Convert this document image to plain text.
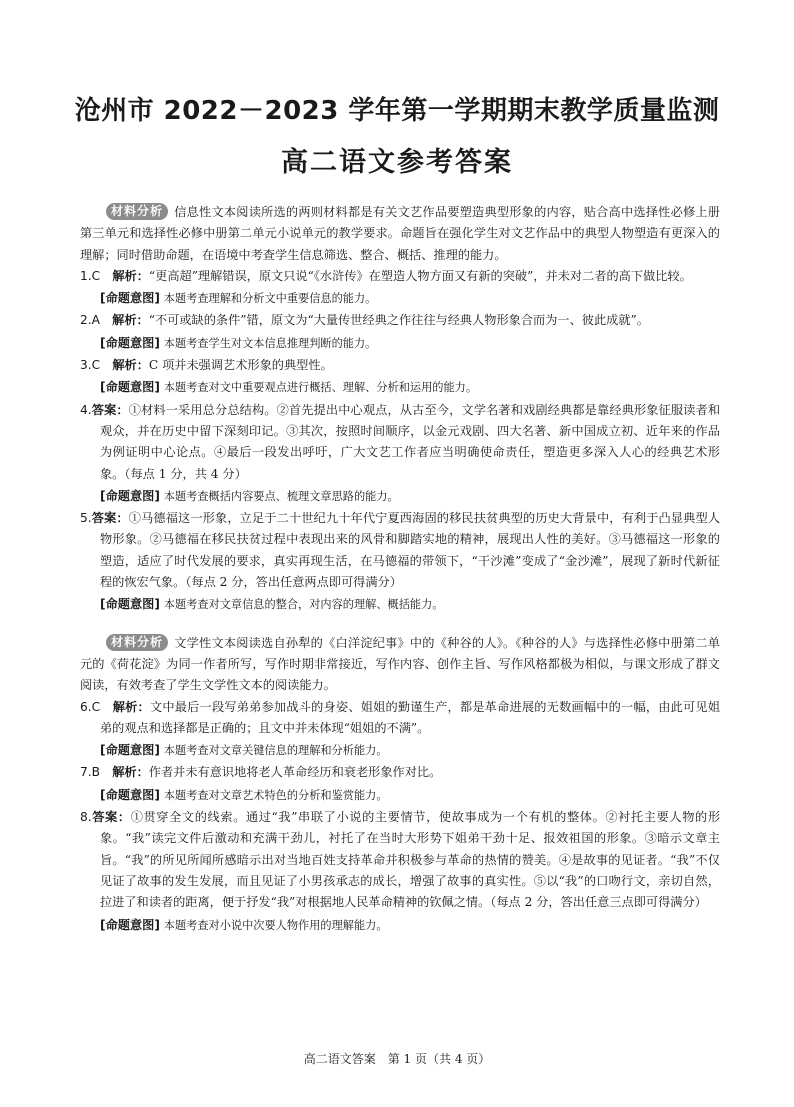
沧州市 2022－2023 学年第一学期期末教学质量监测
高二语文参考答案

材料分析 信息性文本阅读所选的两则材料都是有关文艺作品要塑造典型形象的内容，贴合高中选择性必修上册第三单元和选择性必修中册第二单元小说单元的教学要求。命题旨在强化学生对文艺作品中的典型人物塑造有更深入的理解；同时借助命题，在语境中考查学生信息筛选、整合、概括、推理的能力。

1.C　 解析：“更高超”理解错误，原文只说“《水浒传》在塑造人物方面又有新的突破”，并未对二者的高下做比较。

[命题意图] 本题考查理解和分析文中重要信息的能力。

2.A　 解析：“不可或缺的条件”错，原文为“大量传世经典之作往往与经典人物形象合而为一、彼此成就”。

[命题意图] 本题考查学生对文本信息推理判断的能力。

3.C　 解析：C 项并未强调艺术形象的典型性。

[命题意图] 本题考查对文中重要观点进行概括、理解、分析和运用的能力。

4.答案：①材料一采用总分总结构。②首先提出中心观点，从古至今，文学名著和戏剧经典都是靠经典形象征服读者和观众，并在历史中留下深刻印记。③其次，按照时间顺序，以金元戏剧、四大名著、新中国成立初、近年来的作品为例证明中心论点。④最后一段发出呼吁，广大文艺工作者应当明确使命责任，塑造更多深入人心的经典艺术形象。（每点 1 分，共 4 分）

[命题意图] 本题考查概括内容要点、梳理文章思路的能力。

5.答案：①马德福这一形象，立足于二十世纪九十年代宁夏西海固的移民扶贫典型的历史大背景中，有利于凸显典型人物形象。②马德福在移民扶贫过程中表现出来的风骨和脚踏实地的精神，展现出人性的美好。③马德福这一形象的塑造，适应了时代发展的要求，真实再现生活，在马德福的带领下，“干沙滩”变成了“金沙滩”，展现了新时代新征程的恢宏气象。（每点 2 分，答出任意两点即可得满分）

[命题意图] 本题考查对文章信息的整合，对内容的理解、概括能力。

材料分析 文学性文本阅读选自孙犁的《白洋淀纪事》中的《种谷的人》。《种谷的人》与选择性必修中册第二单元的《荷花淀》为同一作者所写，写作时期非常接近，写作内容、创作主旨、写作风格都极为相似，与课文形成了群文阅读，有效考查了学生文学性文本的阅读能力。

6.C　 解析：文中最后一段写弟弟参加战斗的身姿、姐姐的勤谨生产，都是革命进展的无数画幅中的一幅，由此可见姐弟的观点和选择都是正确的；且文中并未体现“姐姐的不满”。

[命题意图] 本题考查对文章关键信息的理解和分析能力。

7.B　 解析：作者并未有意识地将老人革命经历和衰老形象作对比。

[命题意图] 本题考查对文章艺术特色的分析和鉴赏能力。

8.答案：①贯穿全文的线索。通过“我”串联了小说的主要情节，使故事成为一个有机的整体。②衬托主要人物的形象。“我”读完文件后激动和充满干劲儿，衬托了在当时大形势下姐弟干劲十足、报效祖国的形象。③暗示文章主旨。“我”的所见所闻所感暗示出对当地百姓支持革命并积极参与革命的热情的赞美。④是故事的见证者。“我”不仅见证了故事的发生发展，而且见证了小男孩承志的成长，增强了故事的真实性。⑤以“我”的口吻行文，亲切自然，拉进了和读者的距离，便于抒发“我”对根据地人民革命精神的钦佩之情。（每点 2 分，答出任意三点即可得满分）

[命题意图] 本题考查对小说中次要人物作用的理解能力。
高二语文答案　第 1 页（共 4 页）
